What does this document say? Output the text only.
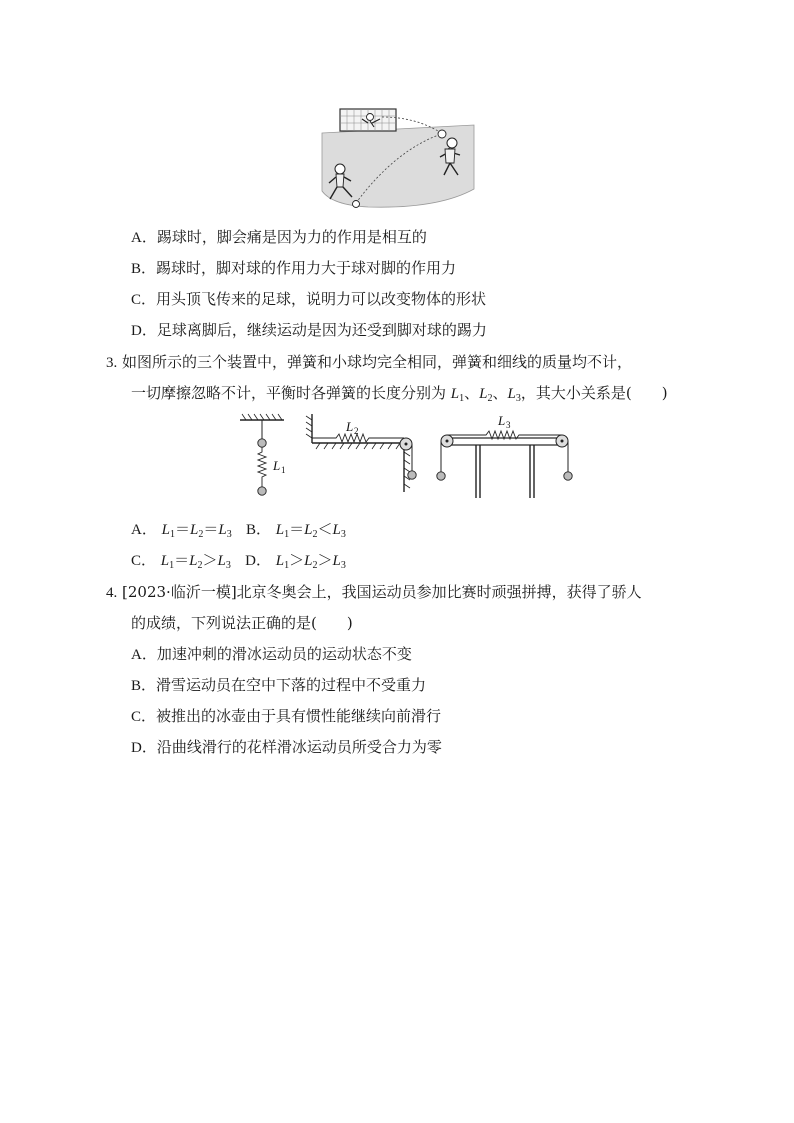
A．踢球时，脚会痛是因为力的作用是相互的
B．踢球时，脚对球的作用力大于球对脚的作用力
C．用头顶飞传来的足球，说明力可以改变物体的形状
D．足球离脚后，继续运动是因为还受到脚对球的踢力
3. 如图所示的三个装置中，弹簧和小球均完全相同，弹簧和细线的质量均不计，
一切摩擦忽略不计，平衡时各弹簧的长度分别为 $L_1$、$L_2$、$L_3$，其大小关系是(　　)
L 1
L 2
L 3
A． $L_1=L_2=L_3$ B． $L_1=L_2<L_3$
C． $L_1=L_2>L_3$ D． $L_1>L_2>L_3$
4. [2023·临沂一模]北京冬奥会上，我国运动员参加比赛时顽强拼搏，获得了骄人
的成绩，下列说法正确的是(　　)
A．加速冲刺的滑冰运动员的运动状态不变
B．滑雪运动员在空中下落的过程中不受重力
C．被推出的冰壶由于具有惯性能继续向前滑行
D．沿曲线滑行的花样滑冰运动员所受合力为零
